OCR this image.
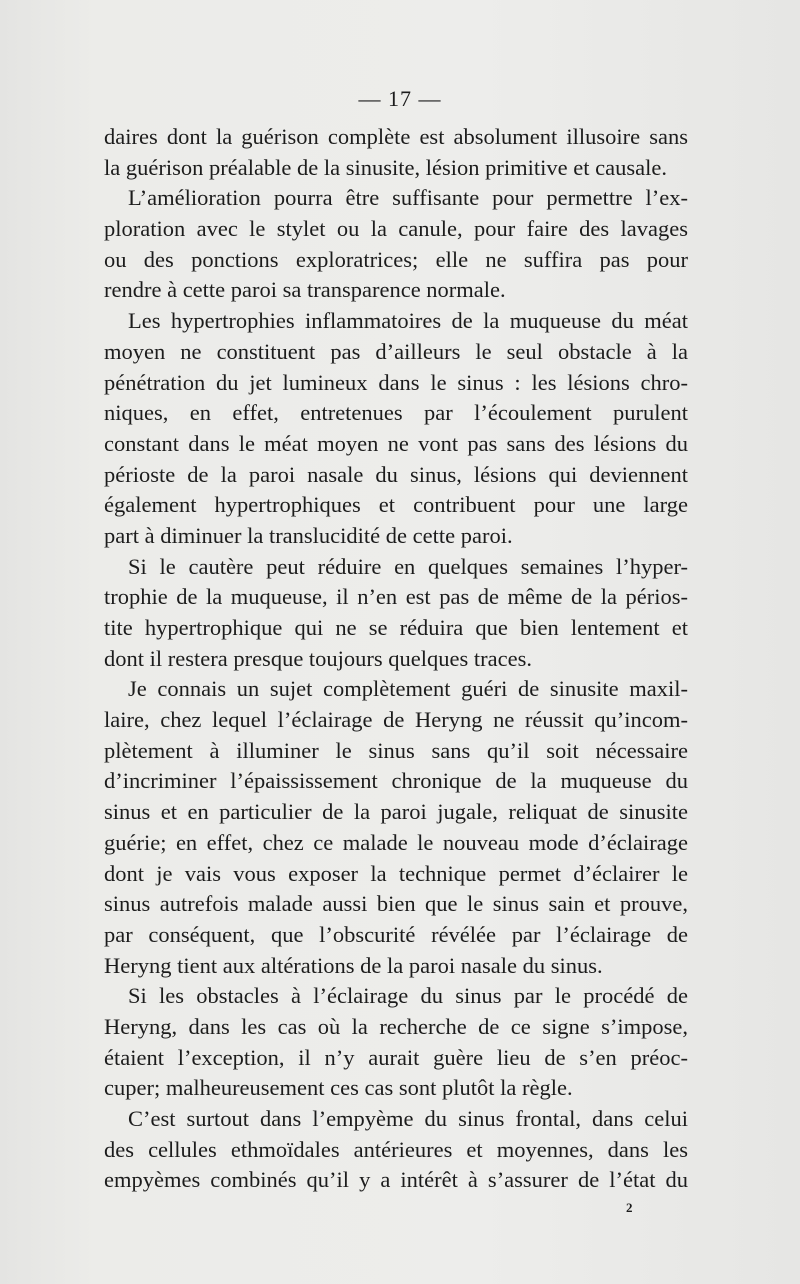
— 17 —
daires dont la guérison complète est absolument illusoire sans
la guérison préalable de la sinusite, lésion primitive et causale.
L’amélioration pourra être suffisante pour permettre l’ex-
ploration avec le stylet ou la canule, pour faire des lavages
ou des ponctions exploratrices; elle ne suffira pas pour
rendre à cette paroi sa transparence normale.
Les hypertrophies inflammatoires de la muqueuse du méat
moyen ne constituent pas d’ailleurs le seul obstacle à la
pénétration du jet lumineux dans le sinus : les lésions chro-
niques, en effet, entretenues par l’écoulement purulent
constant dans le méat moyen ne vont pas sans des lésions du
périoste de la paroi nasale du sinus, lésions qui deviennent
également hypertrophiques et contribuent pour une large
part à diminuer la translucidité de cette paroi.
Si le cautère peut réduire en quelques semaines l’hyper-
trophie de la muqueuse, il n’en est pas de même de la périos-
tite hypertrophique qui ne se réduira que bien lentement et
dont il restera presque toujours quelques traces.
Je connais un sujet complètement guéri de sinusite maxil-
laire, chez lequel l’éclairage de Heryng ne réussit qu’incom-
plètement à illuminer le sinus sans qu’il soit nécessaire
d’incriminer l’épaississement chronique de la muqueuse du
sinus et en particulier de la paroi jugale, reliquat de sinusite
guérie; en effet, chez ce malade le nouveau mode d’éclairage
dont je vais vous exposer la technique permet d’éclairer le
sinus autrefois malade aussi bien que le sinus sain et prouve,
par conséquent, que l’obscurité révélée par l’éclairage de
Heryng tient aux altérations de la paroi nasale du sinus.
Si les obstacles à l’éclairage du sinus par le procédé de
Heryng, dans les cas où la recherche de ce signe s’impose,
étaient l’exception, il n’y aurait guère lieu de s’en préoc-
cuper; malheureusement ces cas sont plutôt la règle.
C’est surtout dans l’empyème du sinus frontal, dans celui
des cellules ethmoïdales antérieures et moyennes, dans les
empyèmes combinés qu’il y a intérêt à s’assurer de l’état du
2
